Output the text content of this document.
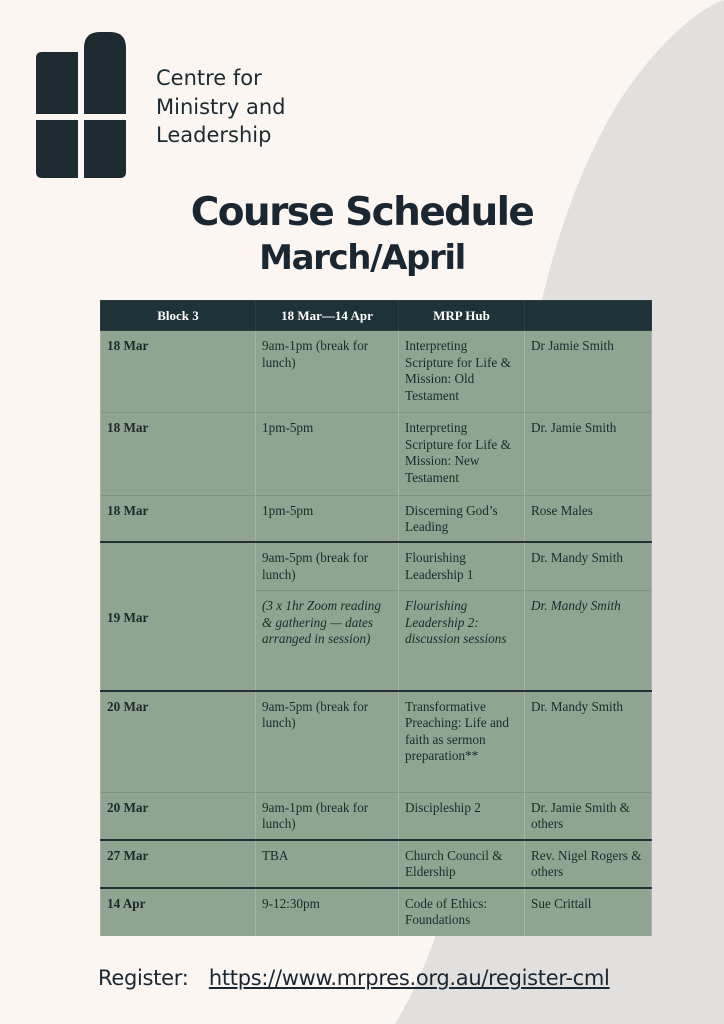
Centre for
Ministry and
Leadership
Course Schedule
March/April
Block 3	18 Mar—14 Apr	MRP Hub	
18 Mar	9am-1pm (break for lunch)	Interpreting Scripture for Life & Mission: Old Testament	Dr Jamie Smith
18 Mar	1pm-5pm	Interpreting Scripture for Life & Mission: New Testament	Dr. Jamie Smith
18 Mar	1pm-5pm	Discerning God’s Leading	Rose Males
19 Mar	9am-5pm (break for lunch)	Flourishing Leadership 1	Dr. Mandy Smith
	(3 x 1hr Zoom reading & gathering — dates arranged in session)	Flourishing Leadership 2: discussion sessions	Dr. Mandy Smith
20 Mar	9am-5pm (break for lunch)	Transformative Preaching: Life and faith as sermon preparation**	Dr. Mandy Smith
20 Mar	9am-1pm (break for lunch)	Discipleship 2	Dr. Jamie Smith & others
27 Mar	TBA	Church Council & Eldership	Rev. Nigel Rogers & others
14 Apr	9-12:30pm	Code of Ethics: Foundations	Sue Crittall
Register: https://www.mrpres.org.au/register-cml
